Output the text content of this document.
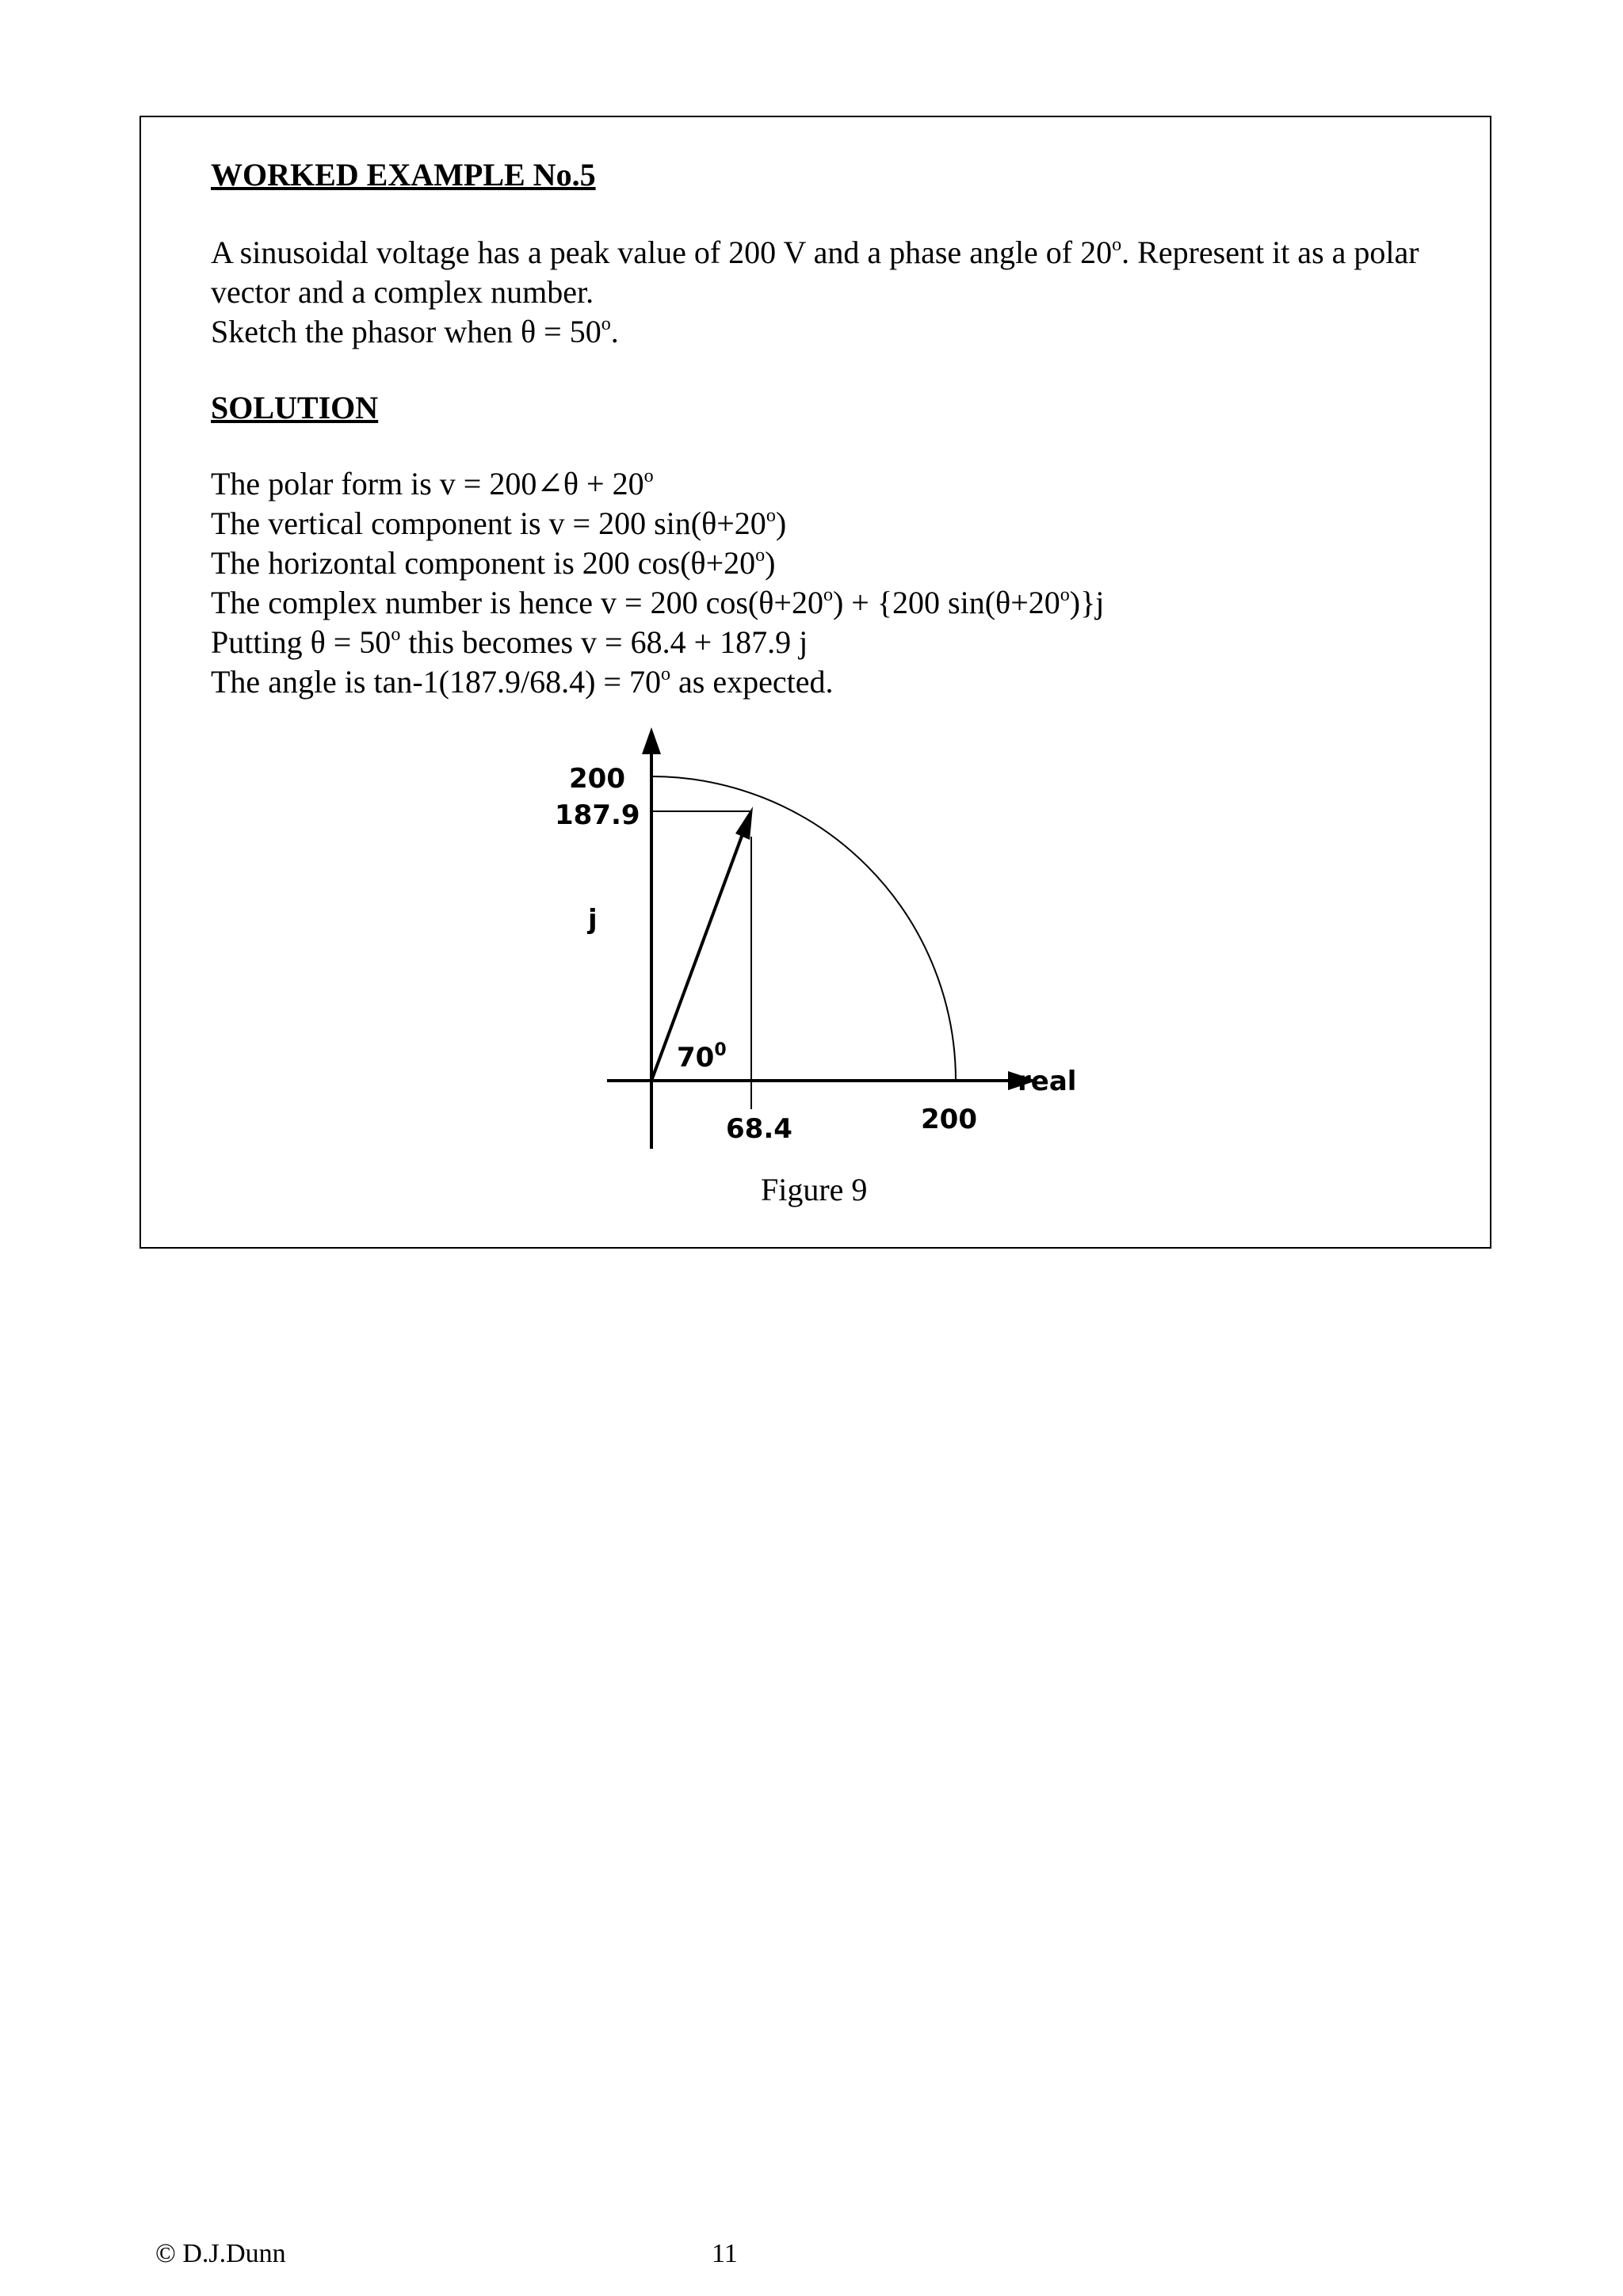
WORKED EXAMPLE No.5

A sinusoidal voltage has a peak value of 200 V and a phase angle of 20$^o$. Represent it as a polar

vector and a complex number.

Sketch the phasor when $\theta = 50^o$.

SOLUTION

The polar form is v = 200∠θ + $20^o$

The vertical component is v = 200 $\sin(\theta+20^o)$

The horizontal component is 200 $\cos(\theta+20^o)$

The complex number is hence v = 200 $\cos(\theta+20^o) + \{200$ $\sin(\theta+20^o)\}j$

Putting $\theta = 50^o$ this becomes v = 68.4 + 187.9 j

The angle is $\tan-1(187.9/68.4) = 70^o$ as expected.

200
187.9
j
$70^0$
68.4	200
real
Figure 9
© D.J.Dunn	11
